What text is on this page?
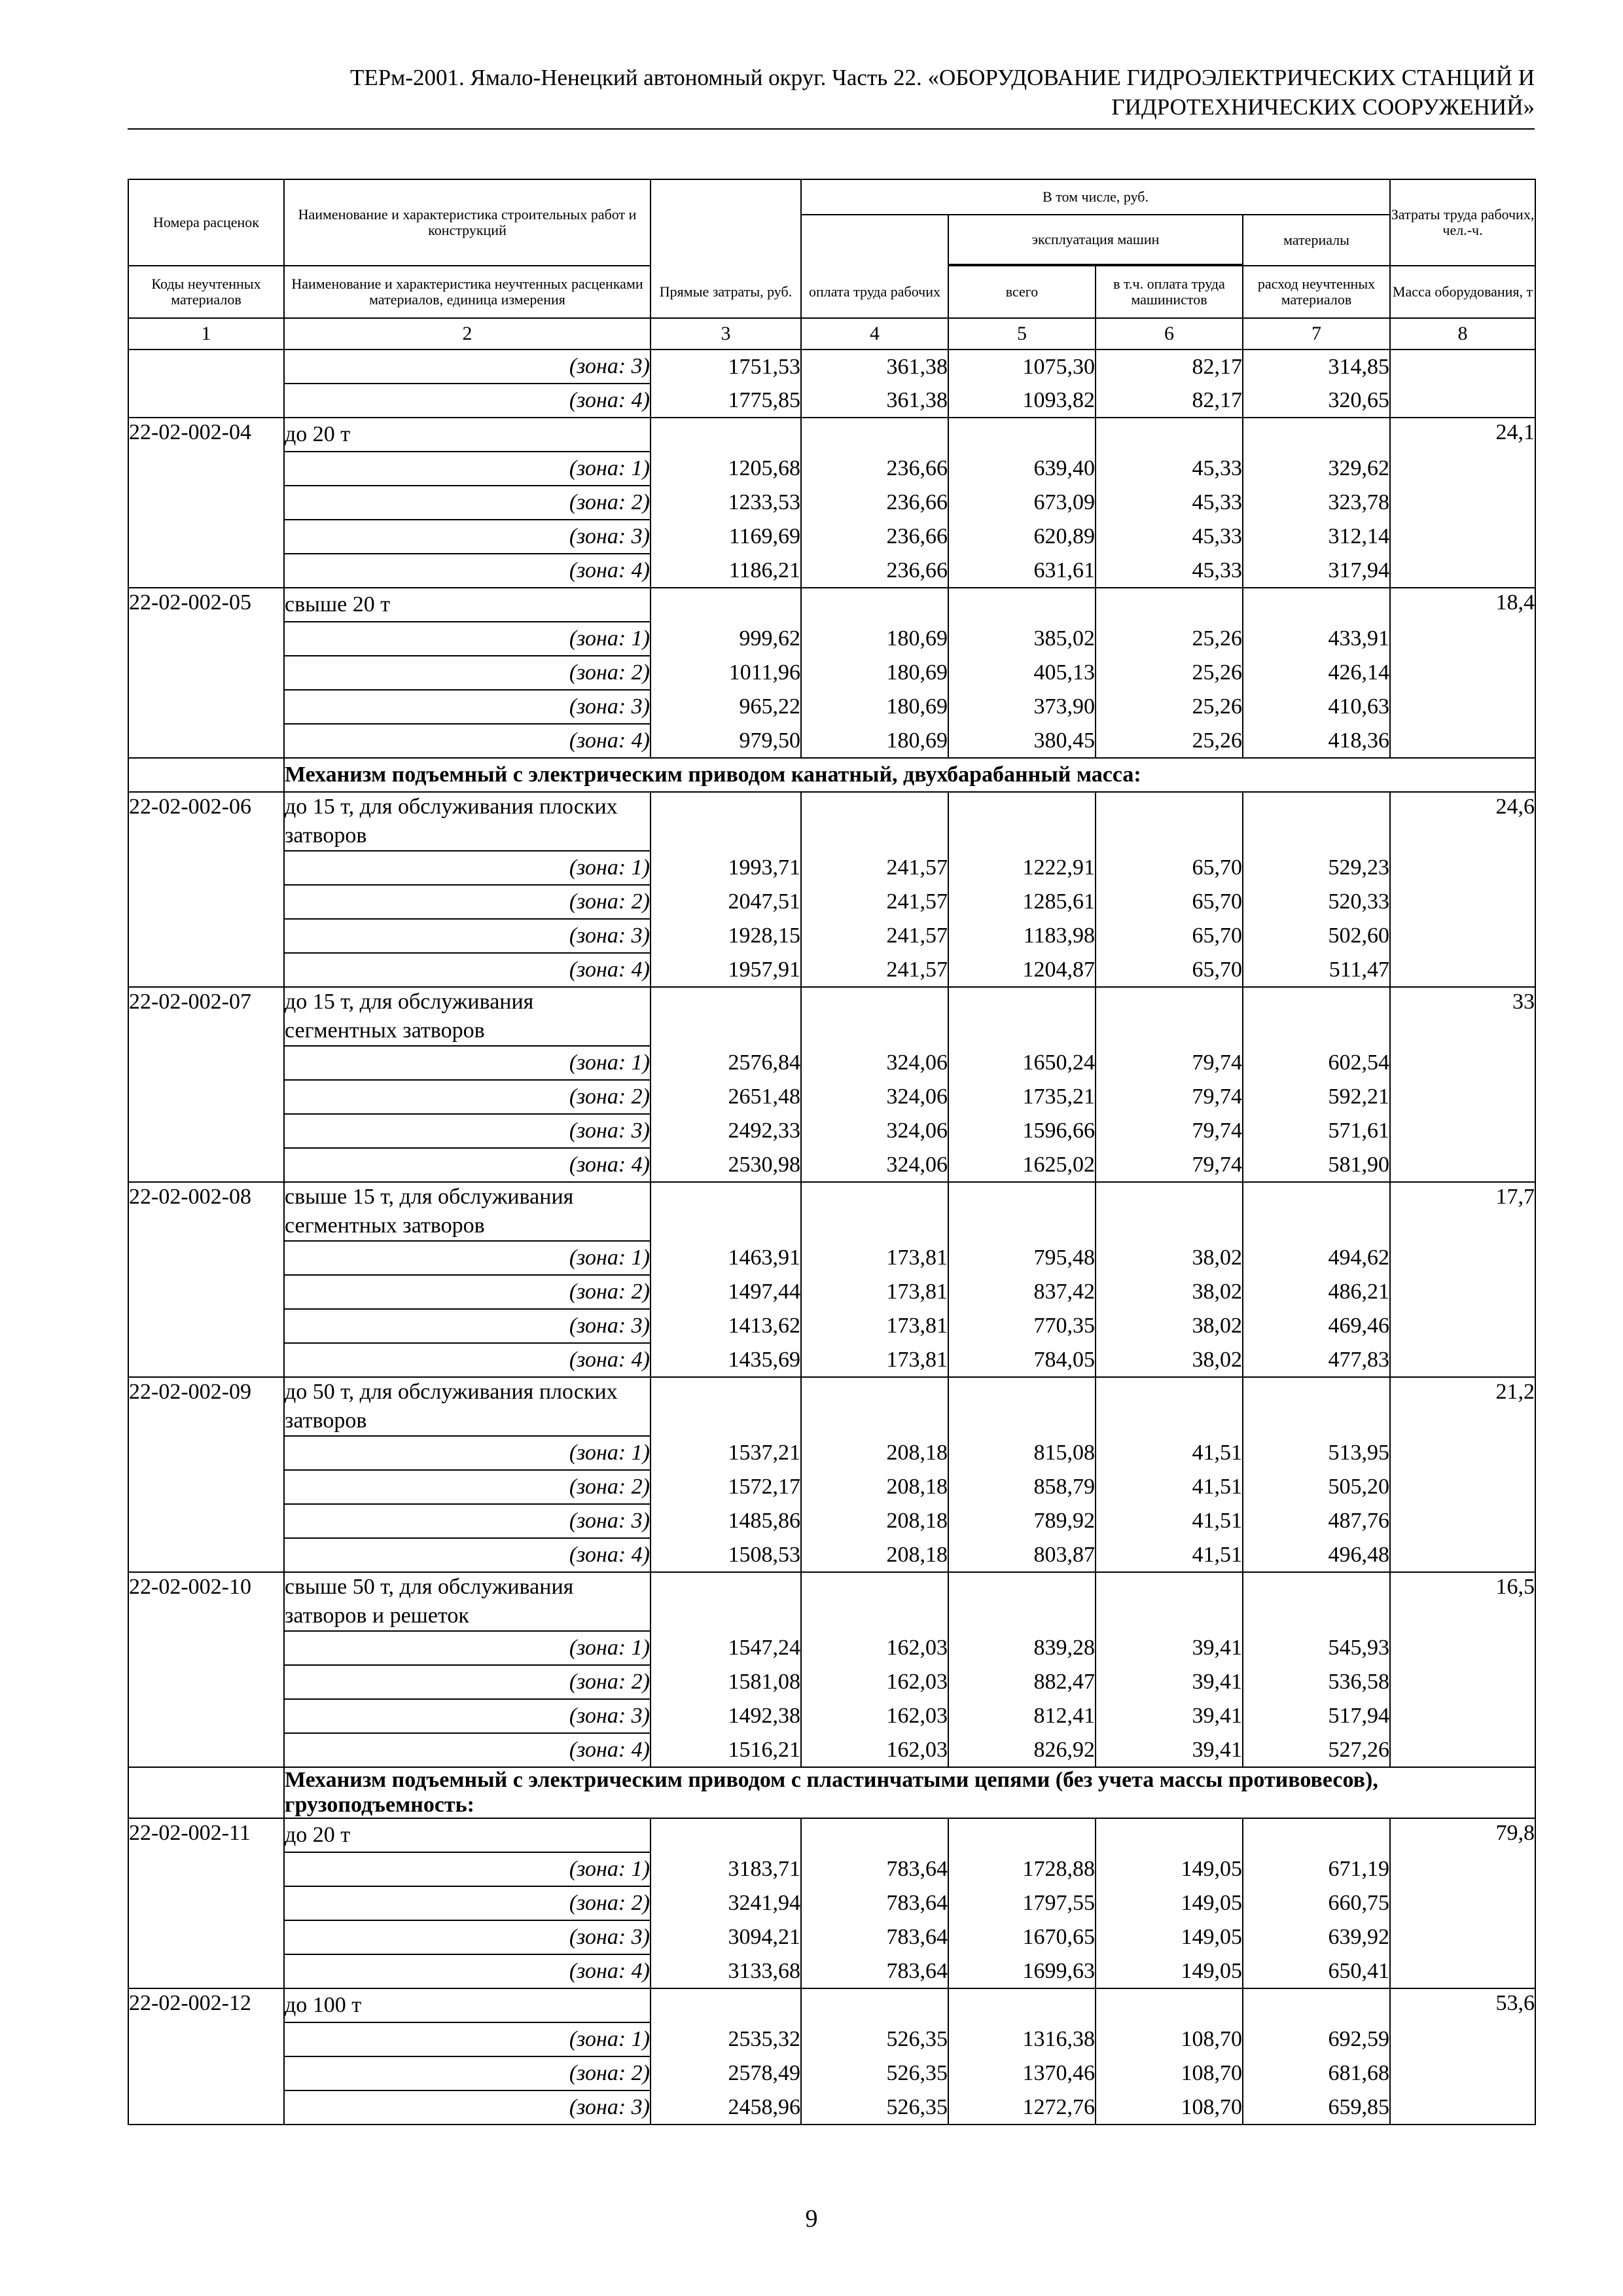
ТЕРм-2001. Ямало-Ненецкий автономный округ. Часть 22. «ОБОРУДОВАНИЕ ГИДРОЭЛЕКТРИЧЕСКИХ СТАНЦИЙ И
ГИДРОТЕХНИЧЕСКИХ СООРУЖЕНИЙ»
Номера расценок	Наименование и характеристика строительных работ и конструкций		В том числе, руб.				Затраты труда рабочих, чел.-ч.
				эксплуатация машин		материалы	

Коды неучтенных материалов	Наименование и характеристика неучтенных расценками материалов, единица измерения	Прямые затраты, руб.	оплата труда рабочих	всего	в т.ч. оплата труда машинистов	расход неучтенных материалов	Масса оборудования, т
1	2	3	4	5	6	7	8
	(зона: 3)	1751,53	361,38	1075,30	82,17	314,85	
	(зона: 4)	1775,85	361,38	1093,82	82,17	320,65	
22-02-002-04	до 20 т						24,1
	(зона: 1)	1205,68	236,66	639,40	45,33	329,62	
	(зона: 2)	1233,53	236,66	673,09	45,33	323,78	
	(зона: 3)	1169,69	236,66	620,89	45,33	312,14	
	(зона: 4)	1186,21	236,66	631,61	45,33	317,94	
22-02-002-05	свыше 20 т						18,4
	(зона: 1)	999,62	180,69	385,02	25,26	433,91	
	(зона: 2)	1011,96	180,69	405,13	25,26	426,14	
	(зона: 3)	965,22	180,69	373,90	25,26	410,63	
	(зона: 4)	979,50	180,69	380,45	25,26	418,36	
	Механизм подъемный с электрическим приводом канатный, двухбарабанный масса:						
22-02-002-06	до 15 т, для обслуживания плоских затворов						24,6
	(зона: 1)	1993,71	241,57	1222,91	65,70	529,23	
	(зона: 2)	2047,51	241,57	1285,61	65,70	520,33	
	(зона: 3)	1928,15	241,57	1183,98	65,70	502,60	
	(зона: 4)	1957,91	241,57	1204,87	65,70	511,47	
22-02-002-07	до 15 т, для обслуживания сегментных затворов						33
	(зона: 1)	2576,84	324,06	1650,24	79,74	602,54	
	(зона: 2)	2651,48	324,06	1735,21	79,74	592,21	
	(зона: 3)	2492,33	324,06	1596,66	79,74	571,61	
	(зона: 4)	2530,98	324,06	1625,02	79,74	581,90	
22-02-002-08	свыше 15 т, для обслуживания сегментных затворов						17,7
	(зона: 1)	1463,91	173,81	795,48	38,02	494,62	
	(зона: 2)	1497,44	173,81	837,42	38,02	486,21	
	(зона: 3)	1413,62	173,81	770,35	38,02	469,46	
	(зона: 4)	1435,69	173,81	784,05	38,02	477,83	
22-02-002-09	до 50 т, для обслуживания плоских затворов						21,2
	(зона: 1)	1537,21	208,18	815,08	41,51	513,95	
	(зона: 2)	1572,17	208,18	858,79	41,51	505,20	
	(зона: 3)	1485,86	208,18	789,92	41,51	487,76	
	(зона: 4)	1508,53	208,18	803,87	41,51	496,48	
22-02-002-10	свыше 50 т, для обслуживания затворов и решеток						16,5
	(зона: 1)	1547,24	162,03	839,28	39,41	545,93	
	(зона: 2)	1581,08	162,03	882,47	39,41	536,58	
	(зона: 3)	1492,38	162,03	812,41	39,41	517,94	
	(зона: 4)	1516,21	162,03	826,92	39,41	527,26	
	Механизм подъемный с электрическим приводом с пластинчатыми цепями (без учета массы противовесов), грузоподъемность:						
22-02-002-11	до 20 т						79,8
	(зона: 1)	3183,71	783,64	1728,88	149,05	671,19	
	(зона: 2)	3241,94	783,64	1797,55	149,05	660,75	
	(зона: 3)	3094,21	783,64	1670,65	149,05	639,92	
	(зона: 4)	3133,68	783,64	1699,63	149,05	650,41	
22-02-002-12	до 100 т						53,6
	(зона: 1)	2535,32	526,35	1316,38	108,70	692,59	
	(зона: 2)	2578,49	526,35	1370,46	108,70	681,68	
	(зона: 3)	2458,96	526,35	1272,76	108,70	659,85	
9
